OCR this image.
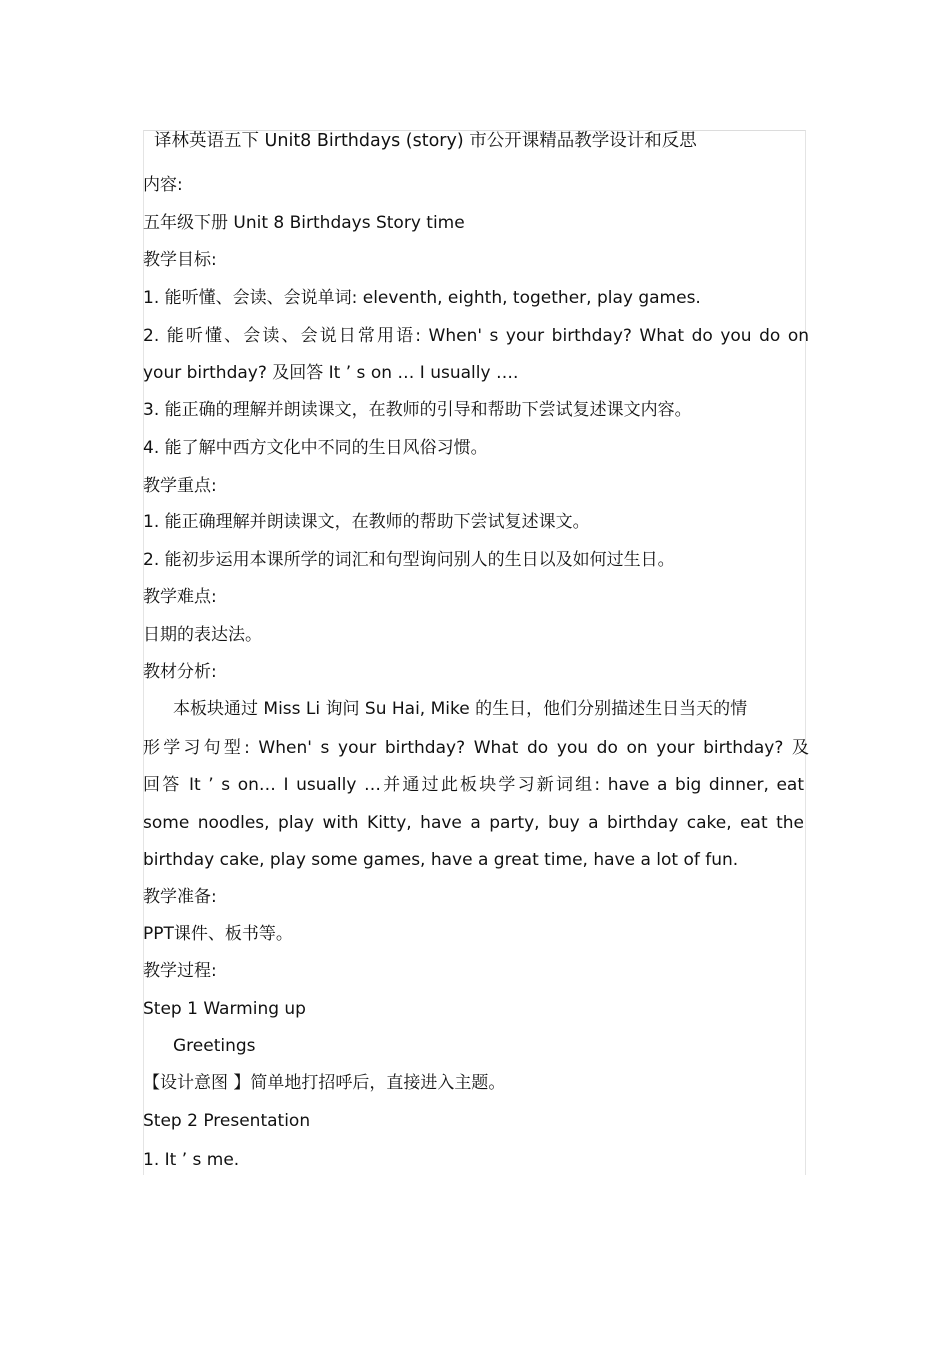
译林英语五下 Unit8 Birthdays (story) 市公开课精品教学设计和反思
内容:
五年级下册 Unit 8 Birthdays Story time
教学目标:
1. 能听懂、会读、会说单词: eleventh, eighth, together, play games.
2. 能听懂、会读、会说日常用语: When' s your birthday? What do you do on
your birthday? 及回答 It ’ s on … I usually ….
3. 能正确的理解并朗读课文，在教师的引导和帮助下尝试复述课文内容。
4. 能了解中西方文化中不同的生日风俗习惯。
教学重点:
1. 能正确理解并朗读课文，在教师的帮助下尝试复述课文。
2. 能初步运用本课所学的词汇和句型询问别人的生日以及如何过生日。
教学难点:
日期的表达法。
教材分析:
本板块通过 Miss Li 询问 Su Hai, Mike 的生日，他们分别描述生日当天的情
形学习句型: When' s your birthday? What do you do on your birthday? 及
回答 It ’ s on… I usually …并通过此板块学习新词组: have a big dinner, eat
some noodles, play with Kitty, have a party, buy a birthday cake, eat the
birthday cake, play some games, have a great time, have a lot of fun.
教学准备:
PPT课件、板书等。
教学过程:
Step 1 Warming up
Greetings
【设计意图 】简单地打招呼后，直接进入主题。
Step 2 Presentation
1. It ’ s me.
